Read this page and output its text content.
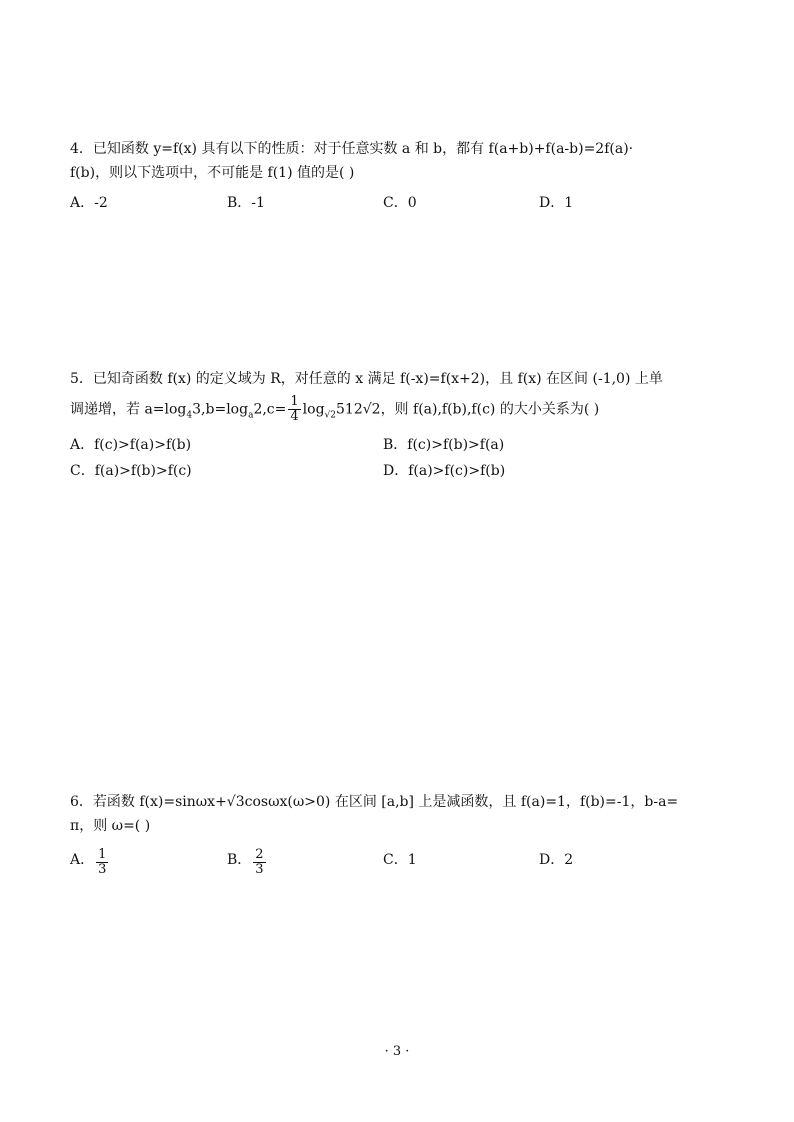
4．已知函数 y=f(x) 具有以下的性质：对于任意实数 a 和 b，都有 f(a+b)+f(a-b)=2f(a)·
f(b)，则以下选项中，不可能是 f(1) 值的是( )
A．-2	B．-1	C．0	D．1
5．已知奇函数 f(x) 的定义域为 R，对任意的 x 满足 f(-x)=f(x+2)，且 f(x) 在区间 (-1,0) 上单
调递增，若 $a=\log_43,b=\log_a2,c= \frac{1}{4} \log_{√2}512√2$，则 f(a),f(b),f(c) 的大小关系为( )
A．f(c)>f(a)>f(b)	B．f(c)>f(b)>f(a)
C．f(a)>f(b)>f(c)	D．f(a)>f(c)>f(b)
6．若函数 f(x)=sinωx+√3cosωx(ω>0) 在区间 [a,b] 上是减函数，且 f(a)=1，f(b)=-1，b-a=
π，则 ω=( )
A． $\frac{1}{3}$	B． $\frac{2}{3}$	C．1	D．2
· 3 ·
